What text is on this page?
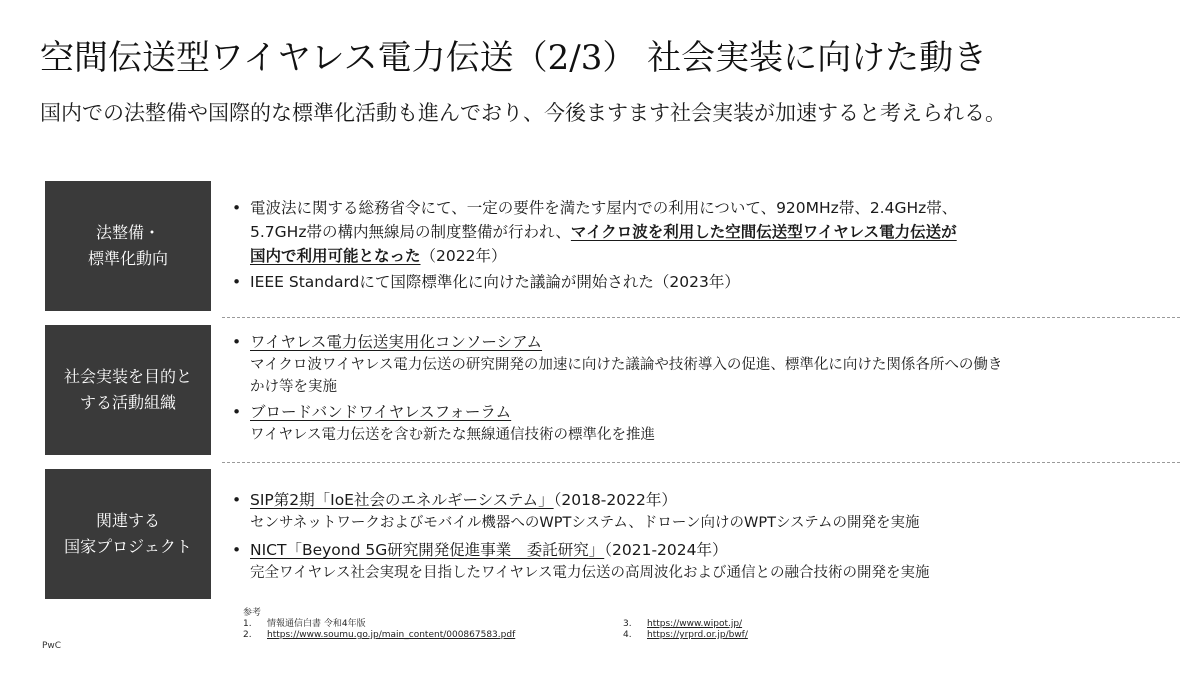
空間伝送型ワイヤレス電力伝送（2/3） 社会実装に向けた動き
国内での法整備や国際的な標準化活動も進んでおり、今後ますます社会実装が加速すると考えられる。
法整備・
標準化動向
• 電波法に関する総務省令にて、一定の要件を満たす屋内での利用について、920MHz帯、2.4GHz帯、
5.7GHz帯の構内無線局の制度整備が行われ、マイクロ波を利用した空間伝送型ワイヤレス電力伝送が
国内で利用可能となった（2022年）
• IEEE Standardにて国際標準化に向けた議論が開始された（2023年）
社会実装を目的と
する活動組織
• ワイヤレス電力伝送実用化コンソーシアム
マイクロ波ワイヤレス電力伝送の研究開発の加速に向けた議論や技術導入の促進、標準化に向けた関係各所への働き
かけ等を実施
• ブロードバンドワイヤレスフォーラム
ワイヤレス電力伝送を含む新たな無線通信技術の標準化を推進
関連する
国家プロジェクト
• SIP第2期「IoE社会のエネルギーシステム」（2018-2022年）
センサネットワークおよびモバイル機器へのWPTシステム、ドローン向けのWPTシステムの開発を実施
• NICT「Beyond 5G研究開発促進事業　委託研究」（2021-2024年）
完全ワイヤレス社会実現を目指したワイヤレス電力伝送の高周波化および通信との融合技術の開発を実施
参考
1. 情報通信白書 令和4年版
2. https://www.soumu.go.jp/main_content/000867583.pdf
3. https://www.wipot.jp/
4. https://yrprd.or.jp/bwf/
PwC
